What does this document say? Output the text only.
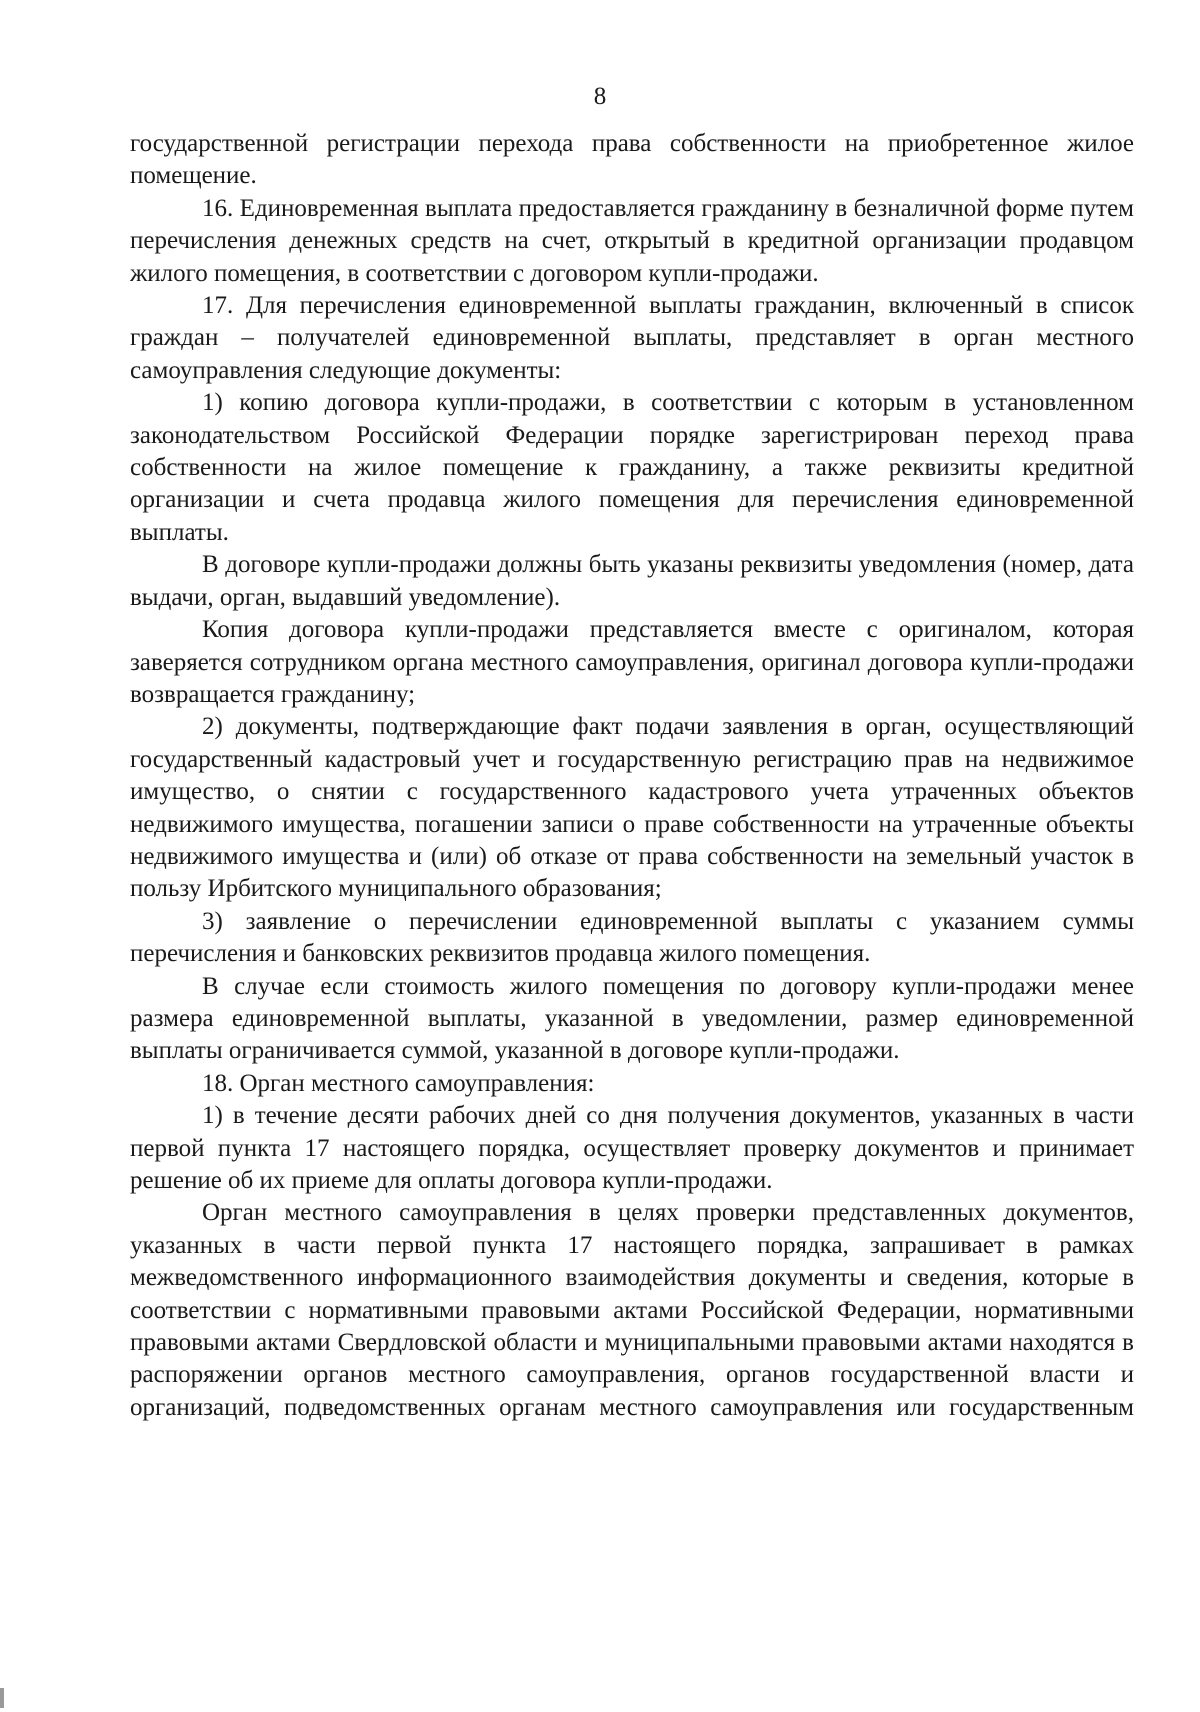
8

государственной регистрации перехода права собственности на приобретенное жилое помещение.

16. Единовременная выплата предоставляется гражданину в безналичной форме путем перечисления денежных средств на счет, открытый в кредитной организации продавцом жилого помещения, в соответствии с договором купли-продажи.

17. Для перечисления единовременной выплаты гражданин, включенный в список граждан – получателей единовременной выплаты, представляет в орган местного самоуправления следующие документы:

1) копию договора купли-продажи, в соответствии с которым в установленном законодательством Российской Федерации порядке зарегистрирован переход права собственности на жилое помещение к гражданину, а также реквизиты кредитной организации и счета продавца жилого помещения для перечисления единовременной выплаты.

В договоре купли-продажи должны быть указаны реквизиты уведомления (номер, дата выдачи, орган, выдавший уведомление).

Копия договора купли-продажи представляется вместе с оригиналом, которая заверяется сотрудником органа местного самоуправления, оригинал договора купли-продажи возвращается гражданину;

2) документы, подтверждающие факт подачи заявления в орган, осуществляющий государственный кадастровый учет и государственную регистрацию прав на недвижимое имущество, о снятии с государственного кадастрового учета утраченных объектов недвижимого имущества, погашении записи о праве собственности на утраченные объекты недвижимого имущества и (или) об отказе от права собственности на земельный участок в пользу Ирбитского муниципального образования;

3) заявление о перечислении единовременной выплаты с указанием суммы перечисления и банковских реквизитов продавца жилого помещения.

В случае если стоимость жилого помещения по договору купли-продажи менее размера единовременной выплаты, указанной в уведомлении, размер единовременной выплаты ограничивается суммой, указанной в договоре купли-продажи.

18. Орган местного самоуправления:

1) в течение десяти рабочих дней со дня получения документов, указанных в части первой пункта 17 настоящего порядка, осуществляет проверку документов и принимает решение об их приеме для оплаты договора купли-продажи.

Орган местного самоуправления в целях проверки представленных документов, указанных в части первой пункта 17 настоящего порядка, запрашивает в рамках межведомственного информационного взаимодействия документы и сведения, которые в соответствии с нормативными правовыми актами Российской Федерации, нормативными правовыми актами Свердловской области и муниципальными правовыми актами находятся в распоряжении органов местного самоуправления, органов государственной власти и организаций, подведомственных органам местного самоуправления или государственным
